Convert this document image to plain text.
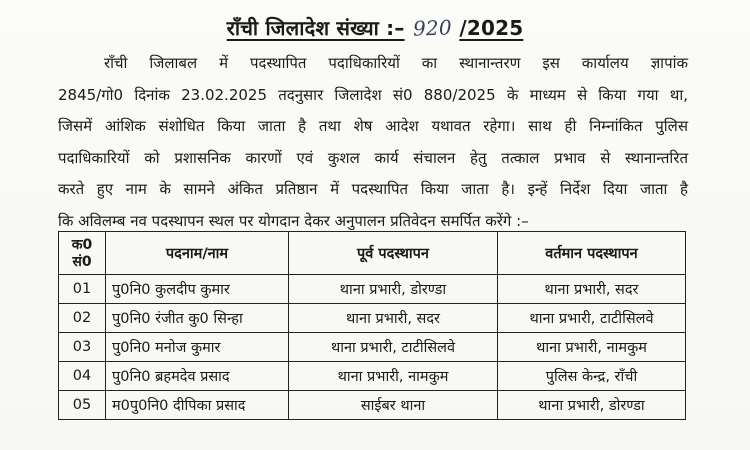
राँची जिलादेश संख्या :– 920 /2025
राँची जिलाबल में पदस्थापित पदाधिकारियों का स्थानान्तरण इस कार्यालय ज्ञापांक
2845/गो0 दिनांक 23.02.2025 तदनुसार जिलादेश सं0 880/2025 के माध्यम से किया गया था,
जिसमें आंशिक संशोधित किया जाता है तथा शेष आदेश यथावत रहेगा। साथ ही निम्नांकित पुलिस
पदाधिकारियों को प्रशासनिक कारणों एवं कुशल कार्य संचालन हेतु तत्काल प्रभाव से स्थानान्तरित
करते हुए नाम के सामने अंकित प्रतिष्ठान में पदस्थापित किया जाता है। इन्हें निर्देश दिया जाता है
कि अविलम्ब नव पदस्थापन स्थल पर योगदान देकर अनुपालन प्रतिवेदन समर्पित करेंगे :–
क0
सं0	पदनाम/नाम	पूर्व पदस्थापन	वर्तमान पदस्थापन
01	पु0नि0 कुलदीप कुमार	थाना प्रभारी, डोरण्डा	थाना प्रभारी, सदर
02	पु0नि0 रंजीत कु0 सिन्हा	थाना प्रभारी, सदर	थाना प्रभारी, टाटीसिलवे
03	पु0नि0 मनोज कुमार	थाना प्रभारी, टाटीसिलवे	थाना प्रभारी, नामकुम
04	पु0नि0 ब्रहमदेव प्रसाद	थाना प्रभारी, नामकुम	पुलिस केन्द्र, राँची
05	म0पु0नि0 दीपिका प्रसाद	साईबर थाना	थाना प्रभारी, डोरण्डा
